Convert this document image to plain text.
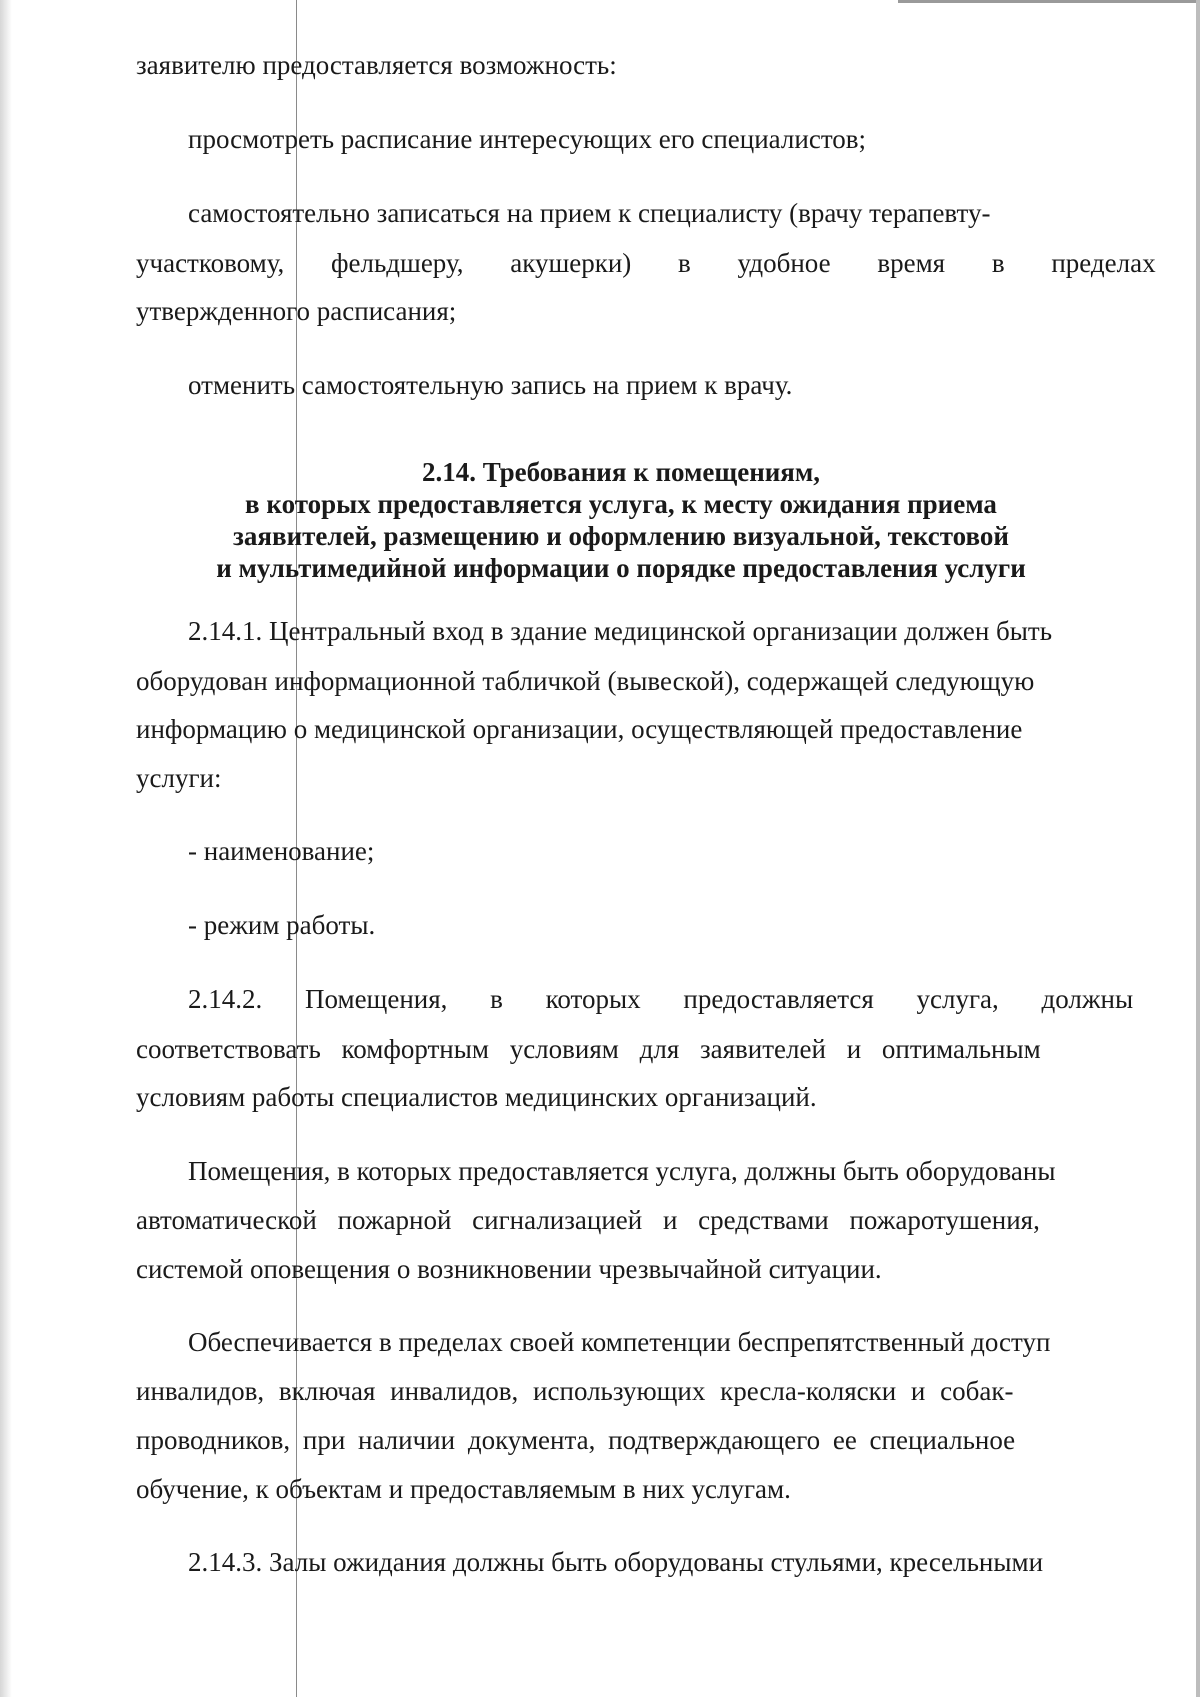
заявителю предоставляется возможность:
просмотреть расписание интересующих его специалистов;
самостоятельно записаться на прием к специалисту (врачу терапевту-
участковому, фельдшеру, акушерки) в удобное время в пределах
утвержденного расписания;
отменить самостоятельную запись на прием к врачу.
2.14. Требования к помещениям,
в которых предоставляется услуга, к месту ожидания приема
заявителей, размещению и оформлению визуальной, текстовой
и мультимедийной информации о порядке предоставления услуги
2.14.1. Центральный вход в здание медицинской организации должен быть
оборудован информационной табличкой (вывеской), содержащей следующую
информацию о медицинской организации, осуществляющей предоставление
услуги:
- наименование;
- режим работы.
2.14.2. Помещения, в которых предоставляется услуга, должны
соответствовать комфортным условиям для заявителей и оптимальным
условиям работы специалистов медицинских организаций.
Помещения, в которых предоставляется услуга, должны быть оборудованы
автоматической пожарной сигнализацией и средствами пожаротушения,
системой оповещения о возникновении чрезвычайной ситуации.
Обеспечивается в пределах своей компетенции беспрепятственный доступ
инвалидов, включая инвалидов, использующих кресла-коляски и собак-
проводников, при наличии документа, подтверждающего ее специальное
обучение, к объектам и предоставляемым в них услугам.
2.14.3. Залы ожидания должны быть оборудованы стульями, кресельными
